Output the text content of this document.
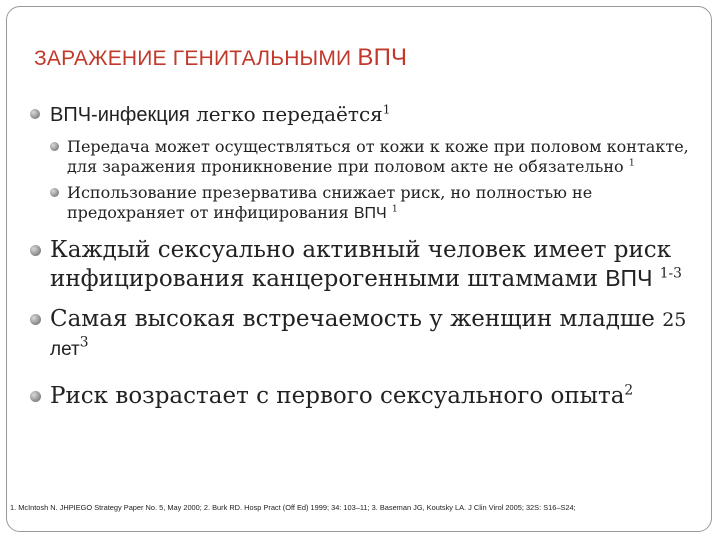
ЗАРАЖЕНИЕ ГЕНИТАЛЬНЫМИ ВПЧ
ВПЧ-инфекция легко передаётся$^1$
Передача может осуществляться от кожи к коже при половом контакте, для заражения проникновение при половом акте не обязательно $^1$
Использование презерватива снижает риск, но полностью не предохраняет от инфицирования ВПЧ $^1$
Каждый сексуально активный человек имеет риск инфицирования канцерогенными штаммами ВПЧ $^{1-3}$
Самая высокая встречаемость у женщин младше 25 лет$^3$
Риск возрастает с первого сексуального опыта$^2$
1. McIntosh N. JHPIEGO Strategy Paper No. 5, May 2000; 2. Burk RD. Hosp Pract (Off Ed) 1999; 34: 103–11; 3. Baseman JG, Koutsky LA. J Clin Virol 2005; 32S: S16–S24;
